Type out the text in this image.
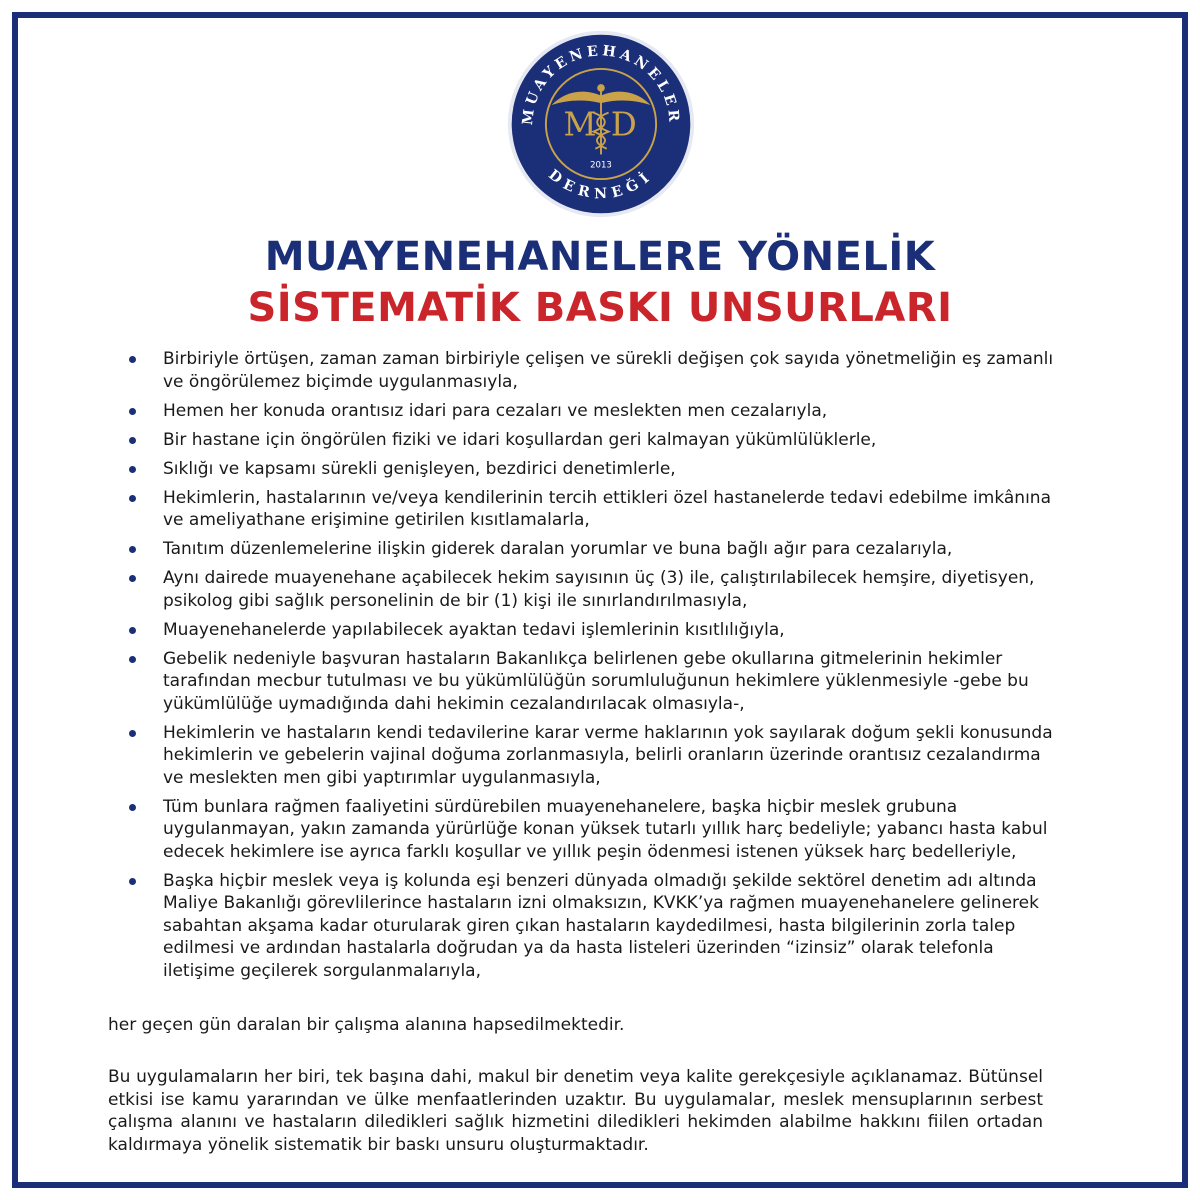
MUAYENEHANELER
DERNEĞİ
M D
2013
MUAYENEHANELERE YÖNELİK
SİSTEMATİK BASKI UNSURLARI
Birbiriyle örtüşen, zaman zaman birbiriyle çelişen ve sürekli değişen çok sayıda yönetmeliğin eş zamanlı ve öngörülemez biçimde uygulanmasıyla,
Hemen her konuda orantısız idari para cezaları ve meslekten men cezalarıyla,
Bir hastane için öngörülen fiziki ve idari koşullardan geri kalmayan yükümlülüklerle,
Sıklığı ve kapsamı sürekli genişleyen, bezdirici denetimlerle,
Hekimlerin, hastalarının ve/veya kendilerinin tercih ettikleri özel hastanelerde tedavi edebilme imkânına ve ameliyathane erişimine getirilen kısıtlamalarla,
Tanıtım düzenlemelerine ilişkin giderek daralan yorumlar ve buna bağlı ağır para cezalarıyla,
Aynı dairede muayenehane açabilecek hekim sayısının üç (3) ile, çalıştırılabilecek hemşire, diyetisyen, psikolog gibi sağlık personelinin de bir (1) kişi ile sınırlandırılmasıyla,
Muayenehanelerde yapılabilecek ayaktan tedavi işlemlerinin kısıtlılığıyla,
Gebelik nedeniyle başvuran hastaların Bakanlıkça belirlenen gebe okullarına gitmelerinin hekimler tarafından mecbur tutulması ve bu yükümlülüğün sorumluluğunun hekimlere yüklenmesiyle -gebe bu yükümlülüğe uymadığında dahi hekimin cezalandırılacak olmasıyla-,
Hekimlerin ve hastaların kendi tedavilerine karar verme haklarının yok sayılarak doğum şekli konusunda hekimlerin ve gebelerin vajinal doğuma zorlanmasıyla, belirli oranların üzerinde orantısız cezalandırma ve meslekten men gibi yaptırımlar uygulanmasıyla,
Tüm bunlara rağmen faaliyetini sürdürebilen muayenehanelere, başka hiçbir meslek grubuna uygulanmayan, yakın zamanda yürürlüğe konan yüksek tutarlı yıllık harç bedeliyle; yabancı hasta kabul edecek hekimlere ise ayrıca farklı koşullar ve yıllık peşin ödenmesi istenen yüksek harç bedelleriyle,
Başka hiçbir meslek veya iş kolunda eşi benzeri dünyada olmadığı şekilde sektörel denetim adı altında Maliye Bakanlığı görevlilerince hastaların izni olmaksızın, KVKK’ya rağmen muayenehanelere gelinerek sabahtan akşama kadar oturularak giren çıkan hastaların kaydedilmesi, hasta bilgilerinin zorla talep edilmesi ve ardından hastalarla doğrudan ya da hasta listeleri üzerinden “izinsiz” olarak telefonla iletişime geçilerek sorgulanmalarıyla,

her geçen gün daralan bir çalışma alanına hapsedilmektedir.

Bu uygulamaların her biri, tek başına dahi, makul bir denetim veya kalite gerekçesiyle açıklanamaz. Bütünsel etkisi ise kamu yararından ve ülke menfaatlerinden uzaktır. Bu uygulamalar, meslek mensuplarının serbest çalışma alanını ve hastaların diledikleri sağlık hizmetini diledikleri hekimden alabilme hakkını fiilen ortadan kaldırmaya yönelik sistematik bir baskı unsuru oluşturmaktadır.
